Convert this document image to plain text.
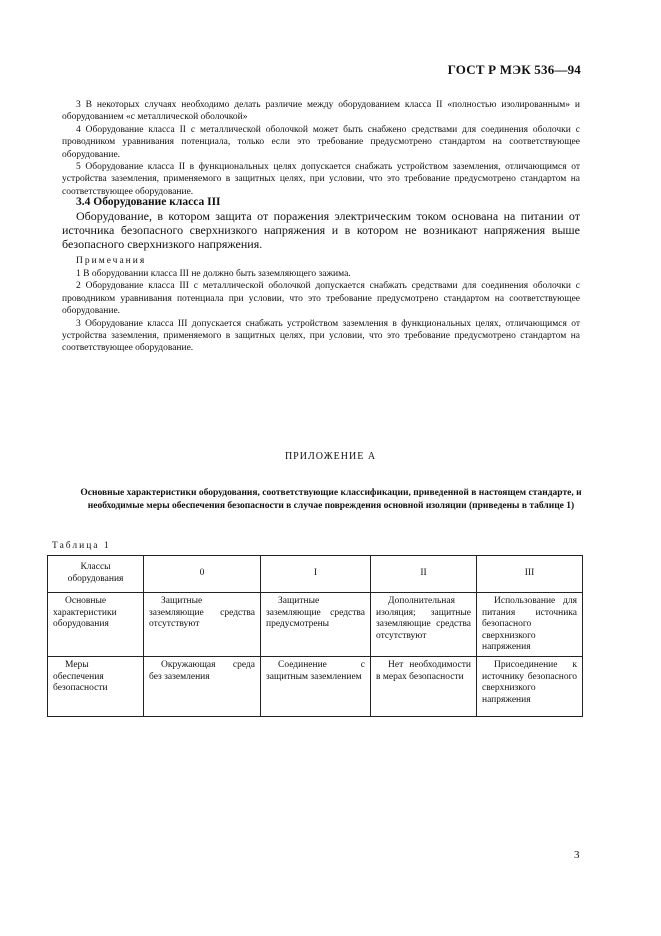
ГОСТ Р МЭК 536—94

3 В некоторых случаях необходимо делать различие между оборудованием класса II «полностью изолированным» и оборудованием «с металлической оболочкой»

4 Оборудование класса II с металлической оболочкой может быть снабжено средствами для соединения оболочки с проводником уравнивания потенциала, только если это требование предусмотрено стандартом на соответствующее оборудование.

5 Оборудование класса II в функциональных целях допускается снабжать устройством заземления, отличающимся от устройства заземления, применяемого в защитных целях, при условии, что это требование предусмотрено стандартом на соответствующее оборудование.

3.4 Оборудование класса III

Оборудование, в котором защита от поражения электрическим током основана на питании от источника безопасного сверхнизкого напряжения и в котором не возникают напряжения выше безопасного сверхнизкого напряжения.

Примечания

1 В оборудовании класса III не должно быть заземляющего зажима.

2 Оборудование класса III с металлической оболочкой допускается снабжать средствами для соединения оболочки с проводником уравнивания потенциала при условии, что это требование предусмотрено стандартом на соответствующее оборудование.

3 Оборудование класса III допускается снабжать устройством заземления в функциональных целях, отличающимся от устройства заземления, применяемого в защитных целях, при условии, что это требование предусмотрено стандартом на соответствующее оборудование.

ПРИЛОЖЕНИЕ А

Основные характеристики оборудования, соответствующие классификации, приведенной в настоящем стандарте, и необходимые меры обеспечения безопасности в случае повреждения основной изоляции (приведены в таблице 1)

Таблица 1
Классы оборудования	0	I	II	III
Основные характеристики оборудования	Защитные заземляющие средства отсутствуют	Защитные заземляющие средства предусмотрены	Дополнительная изоляция; защитные заземляющие средства отсутствуют	Использование для питания источника безопасного сверхнизкого напряжения
Меры обеспечения безопасности	Окружающая среда без заземления	Соединение с защитным заземлением	Нет необходимости в мерах безопасности	Присоединение к источнику безопасного сверхнизкого напряжения
3
